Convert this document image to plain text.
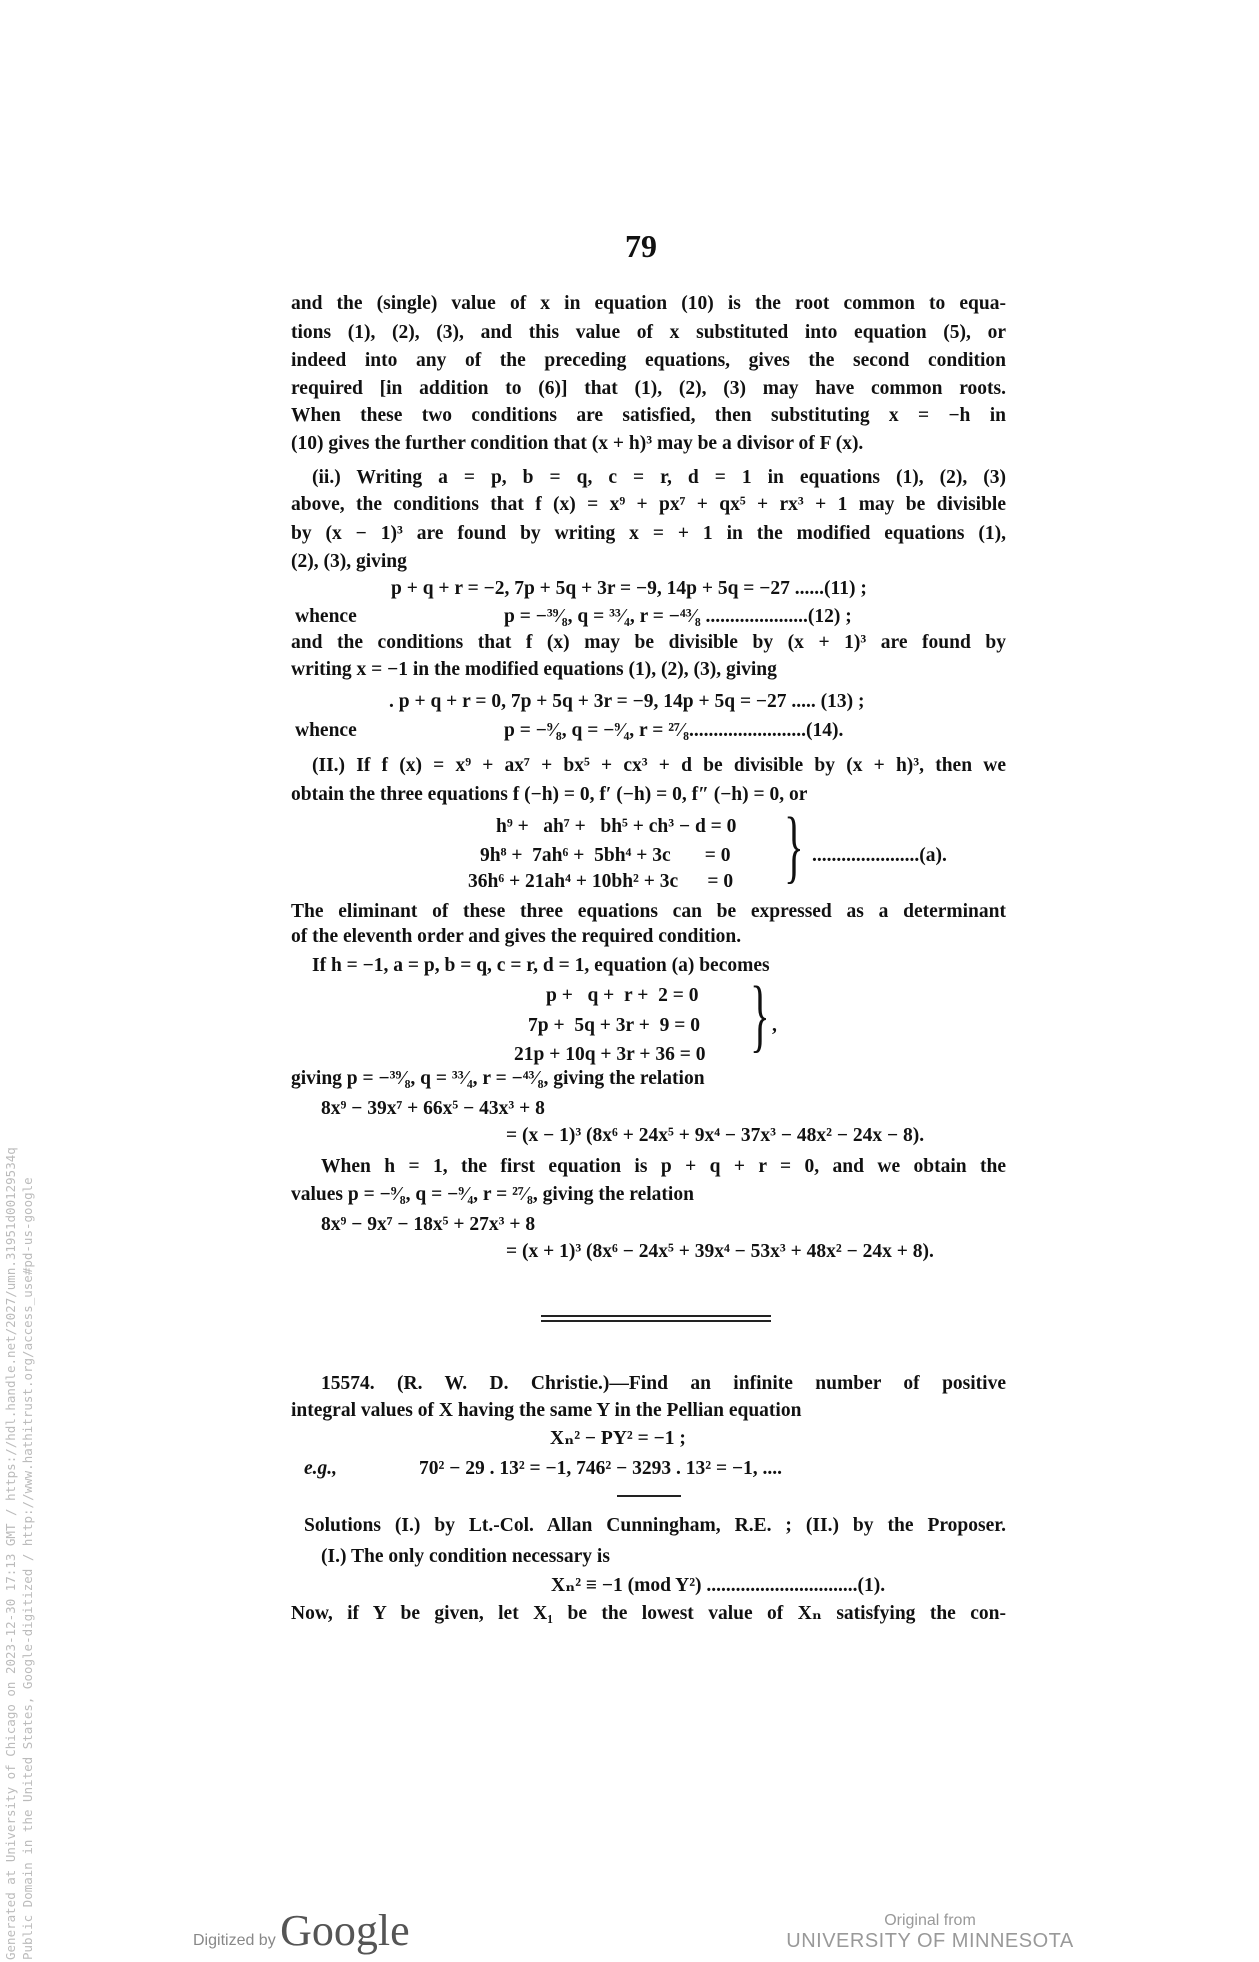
79
and the (single) value of x in equation (10) is the root common to equa-
tions (1), (2), (3), and this value of x substituted into equation (5), or
indeed into any of the preceding equations, gives the second condition
required [in addition to (6)] that (1), (2), (3) may have common roots.
When these two conditions are satisfied, then substituting x = −h in
(10) gives the further condition that (x + h)³ may be a divisor of F (x).
(ii.) Writing a = p, b = q, c = r, d = 1 in equations (1), (2), (3)
above, the conditions that f (x) = x⁹ + px⁷ + qx⁵ + rx³ + 1 may be divisible
by (x − 1)³ are found by writing x = + 1 in the modified equations (1),
(2), (3), giving
p + q + r = −2, 7p + 5q + 3r = −9, 14p + 5q = −27 ......(11) ;
whence	p = −³⁹⁄₈, q = ³³⁄₄, r = −⁴³⁄₈ .....................(12) ;
and the conditions that f (x) may be divisible by (x + 1)³ are found by
writing x = −1 in the modified equations (1), (2), (3), giving
. p + q + r = 0, 7p + 5q + 3r = −9, 14p + 5q = −27 ..... (13) ;
whence	p = −⁹⁄₈, q = −⁹⁄₄, r = ²⁷⁄₈........................(14).
(II.) If f (x) = x⁹ + ax⁷ + bx⁵ + cx³ + d be divisible by (x + h)³, then we
obtain the three equations f (−h) = 0, f′ (−h) = 0, f″ (−h) = 0, or
h⁹ +   ah⁷ +   bh⁵ + ch³ − d = 0
9h⁸ +  7ah⁶ +  5bh⁴ + 3c       = 0
36h⁶ + 21ah⁴ + 10bh² + 3c      = 0 } ......................(a).
The eliminant of these three equations can be expressed as a determinant
of the eleventh order and gives the required condition.
If h = −1, a = p, b = q, c = r, d = 1, equation (a) becomes
p +   q +  r +  2 = 0
7p +  5q + 3r +  9 = 0
21p + 10q + 3r + 36 = 0 } ,
giving p = −³⁹⁄₈, q = ³³⁄₄, r = −⁴³⁄₈, giving the relation
8x⁹ − 39x⁷ + 66x⁵ − 43x³ + 8
= (x − 1)³ (8x⁶ + 24x⁵ + 9x⁴ − 37x³ − 48x² − 24x − 8).
When h = 1, the first equation is p + q + r = 0, and we obtain the
values p = −⁹⁄₈, q = −⁹⁄₄, r = ²⁷⁄₈, giving the relation
8x⁹ − 9x⁷ − 18x⁵ + 27x³ + 8
= (x + 1)³ (8x⁶ − 24x⁵ + 39x⁴ − 53x³ + 48x² − 24x + 8).
15574. (R. W. D. Christie.)—Find an infinite number of positive
integral values of X having the same Y in the Pellian equation
Xₙ² − PY² = −1 ;
e.g.,	70² − 29 . 13² = −1, 746² − 3293 . 13² = −1, ....
Solutions (I.) by Lt.-Col. Allan Cunningham, R.E. ; (II.) by the Proposer.
(I.) The only condition necessary is
Xₙ² ≡ −1 (mod Y²) ...............................(1).
Now, if Y be given, let X₁ be the lowest value of Xₙ satisfying the con-
Generated at University of Chicago on 2023-12-30 17:13 GMT / https://hdl.handle.net/2027/umn.31951d00129534q Public Domain in the United States, Google-digitized / http://www.hathitrust.org/access_use#pd-us-google	Digitized by Google	Original from
UNIVERSITY OF MINNESOTA
